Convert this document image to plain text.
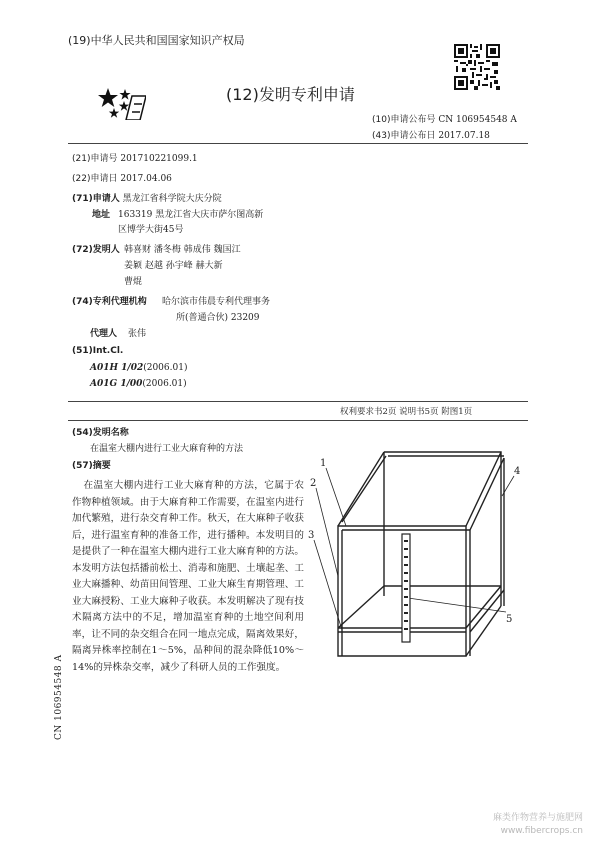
(19)中华人民共和国国家知识产权局
(12)发明专利申请
(10)申请公布号 CN 106954548 A
(43)申请公布日 2017.07.18
(21)申请号 201710221099.1
(22)申请日 2017.04.06
(71)申请人 黑龙江省科学院大庆分院
地址 163319 黑龙江省大庆市萨尔图高新
区博学大街45号
(72)发明人 韩喜财 潘冬梅 韩成伟 魏国江
姜颖 赵越 孙宇峰 赫大新
曹焜
(74)专利代理机构 哈尔滨市伟晨专利代理事务
所(普通合伙) 23209
代理人 张伟
(51)Int.Cl.
A01H 1/02(2006.01)
A01G 1/00(2006.01)
权利要求书2页 说明书5页 附图1页
(54)发明名称
在温室大棚内进行工业大麻育种的方法
(57)摘要
在温室大棚内进行工业大麻育种的方法，它属于农作物种植领域。由于大麻育种工作需要，在温室内进行加代繁殖，进行杂交育种工作。秋天，在大麻种子收获后，进行温室育种的准备工作，进行播种。本发明目的是提供了一种在温室大棚内进行工业大麻育种的方法。本发明方法包括播前松土、消毒和施肥、土壤起垄、工业大麻播种、幼苗田间管理、工业大麻生育期管理、工业大麻授粉、工业大麻种子收获。本发明解决了现有技术隔离方法中的不足，增加温室育种的土地空间利用率，让不同的杂交组合在同一地点完成，隔离效果好，隔离异株率控制在1～5%，品种间的混杂降低10%～14%的异株杂交率，减少了科研人员的工作强度。
1
2
3
4
5
CN 106954548 A
麻类作物营养与施肥网
www.fibercrops.cn
